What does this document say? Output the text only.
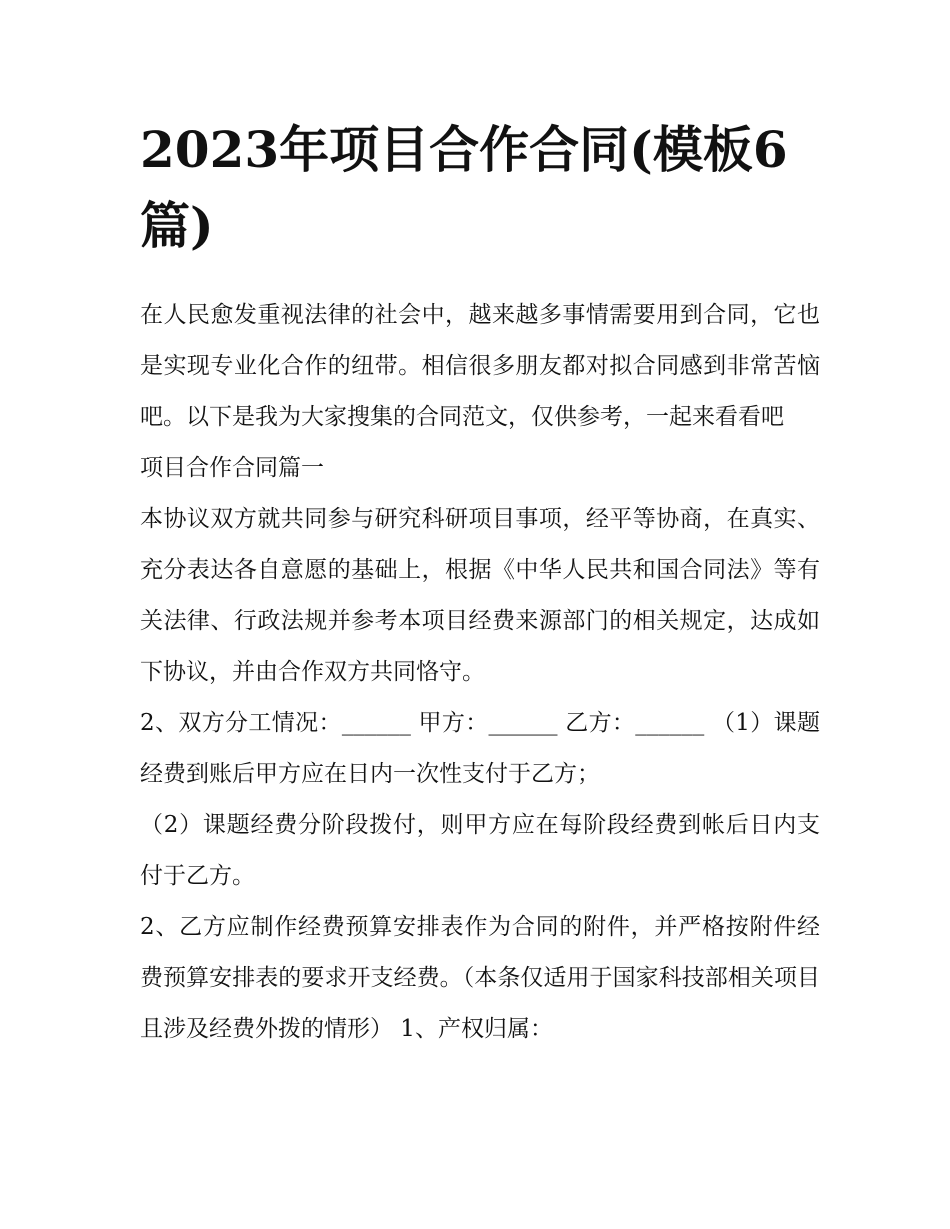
2023年项目合作合同(模板6篇)

在人民愈发重视法律的社会中，越来越多事情需要用到合同，它也是实现专业化合作的纽带。相信很多朋友都对拟合同感到非常苦恼吧。以下是我为大家搜集的合同范文，仅供参考，一起来看看吧

项目合作合同篇一

本协议双方就共同参与研究科研项目事项，经平等协商，在真实、充分表达各自意愿的基础上，根据《中华人民共和国合同法》等有关法律、行政法规并参考本项目经费来源部门的相关规定，达成如下协议，并由合作双方共同恪守。

2、双方分工情况：______ 甲方：______ 乙方：______ （1）课题经费到账后甲方应在日内一次性支付于乙方；

（2）课题经费分阶段拨付，则甲方应在每阶段经费到帐后日内支付于乙方。

2、乙方应制作经费预算安排表作为合同的附件，并严格按附件经费预算安排表的要求开支经费。（本条仅适用于国家科技部相关项目且涉及经费外拨的情形） 1、产权归属：
